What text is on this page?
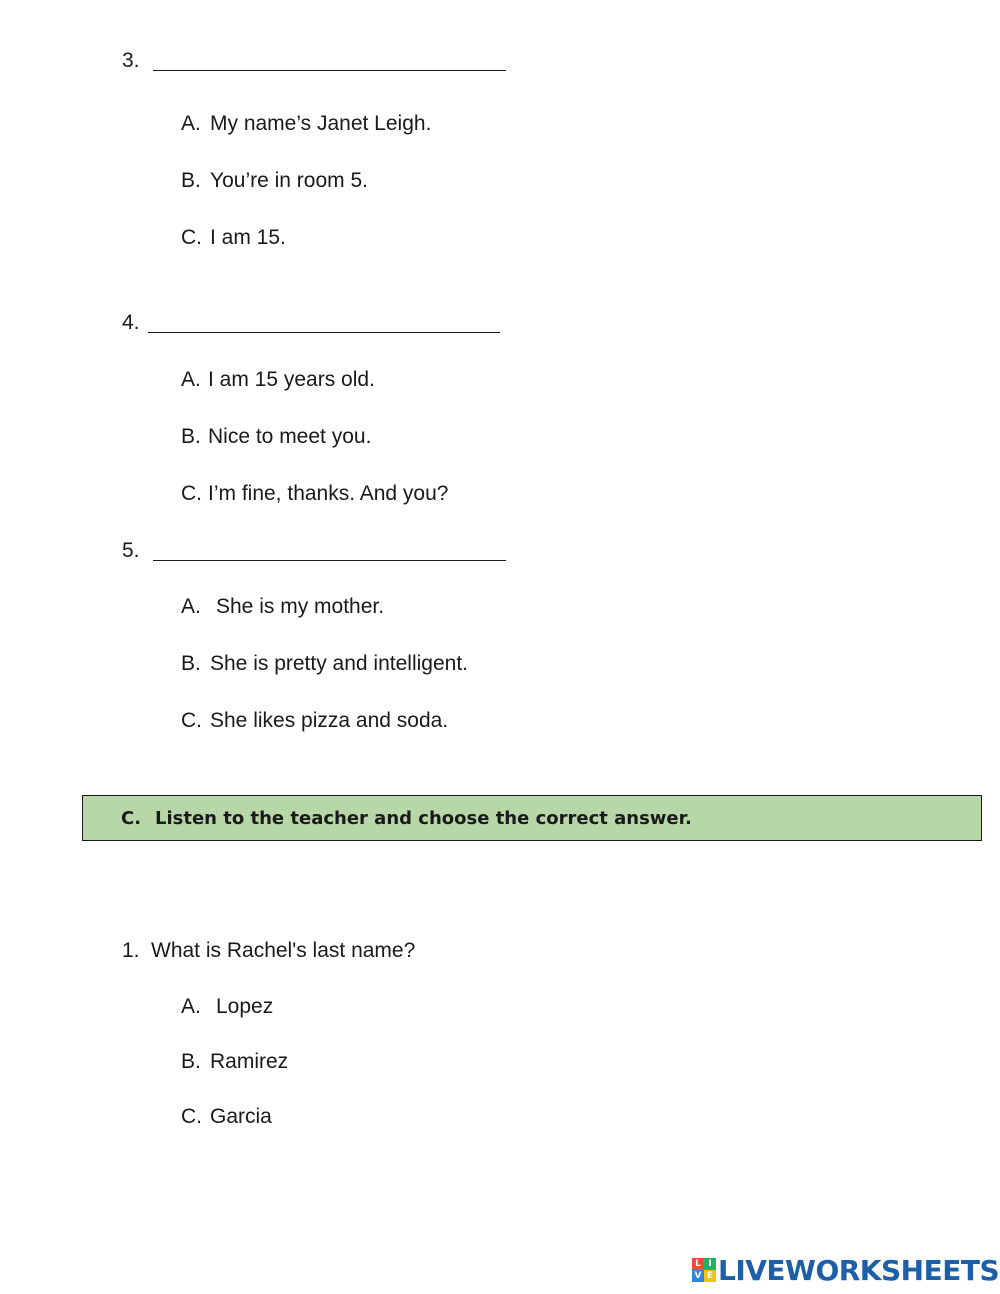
3.
A. My name’s Janet Leigh.
B. You’re in room 5.
C. I am 15.
4.
A. I am 15 years old.
B. Nice to meet you.
C. I’m fine, thanks. And you?
5.
A. She is my mother.
B. She is pretty and intelligent.
C. She likes pizza and soda.
C. Listen to the teacher and choose the correct answer.
1. What is Rachel's last name?
A. Lopez
B. Ramirez
C. Garcia
L I
V E LIVEWORKSHEETS
